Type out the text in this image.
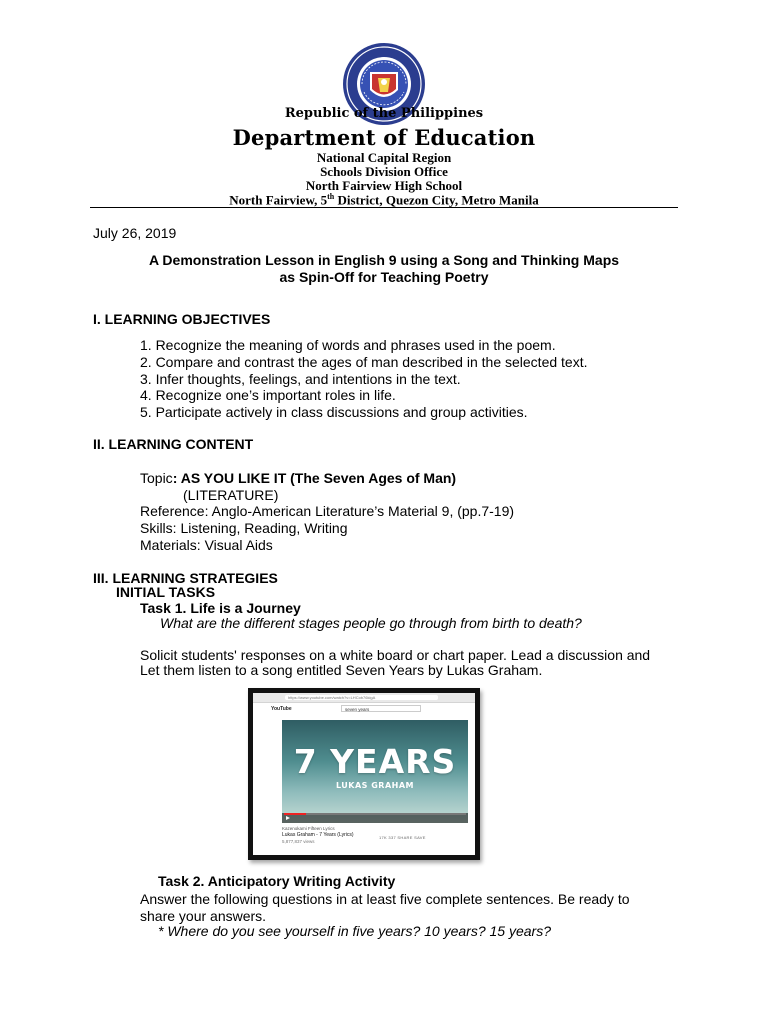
Republic of the Philippines
Department of Education
National Capital Region
Schools Division Office
North Fairview High School
North Fairview, 5th District, Quezon City, Metro Manila
July 26, 2019
A Demonstration Lesson in English 9 using a Song and Thinking Maps
as Spin-Off for Teaching Poetry
I. LEARNING OBJECTIVES
1. Recognize the meaning of words and phrases used in the poem.
2. Compare and contrast the ages of man described in the selected text.
3. Infer thoughts, feelings, and intentions in the text.
4. Recognize one’s important roles in life.
5. Participate actively in class discussions and group activities.
II. LEARNING CONTENT
Topic: AS YOU LIKE IT (The Seven Ages of Man)
(LITERATURE)
Reference: Anglo-American Literature’s Material 9, (pp.7-19)
Skills: Listening, Reading, Writing
Materials: Visual Aids
III. LEARNING STRATEGIES
INITIAL TASKS
Task 1. Life is a Journey
What are the different stages people go through from birth to death?
Solicit students' responses on a white board or chart paper. Lead a discussion and
Let them listen to a song entitled Seven Years by Lukas Graham.
https://www.youtube.com/watch?v=LHCob76kigA
YouTube	seven years
7 YEARS
LUKAS GRAHAM
Kazenokami Fifteen Lyrics
Lukas Graham - 7 Years (Lyrics)
5,877,837 views
17K 337 SHARE SAVE
Task 2. Anticipatory Writing Activity
Answer the following questions in at least five complete sentences. Be ready to
share your answers.
* Where do you see yourself in five years? 10 years? 15 years?
